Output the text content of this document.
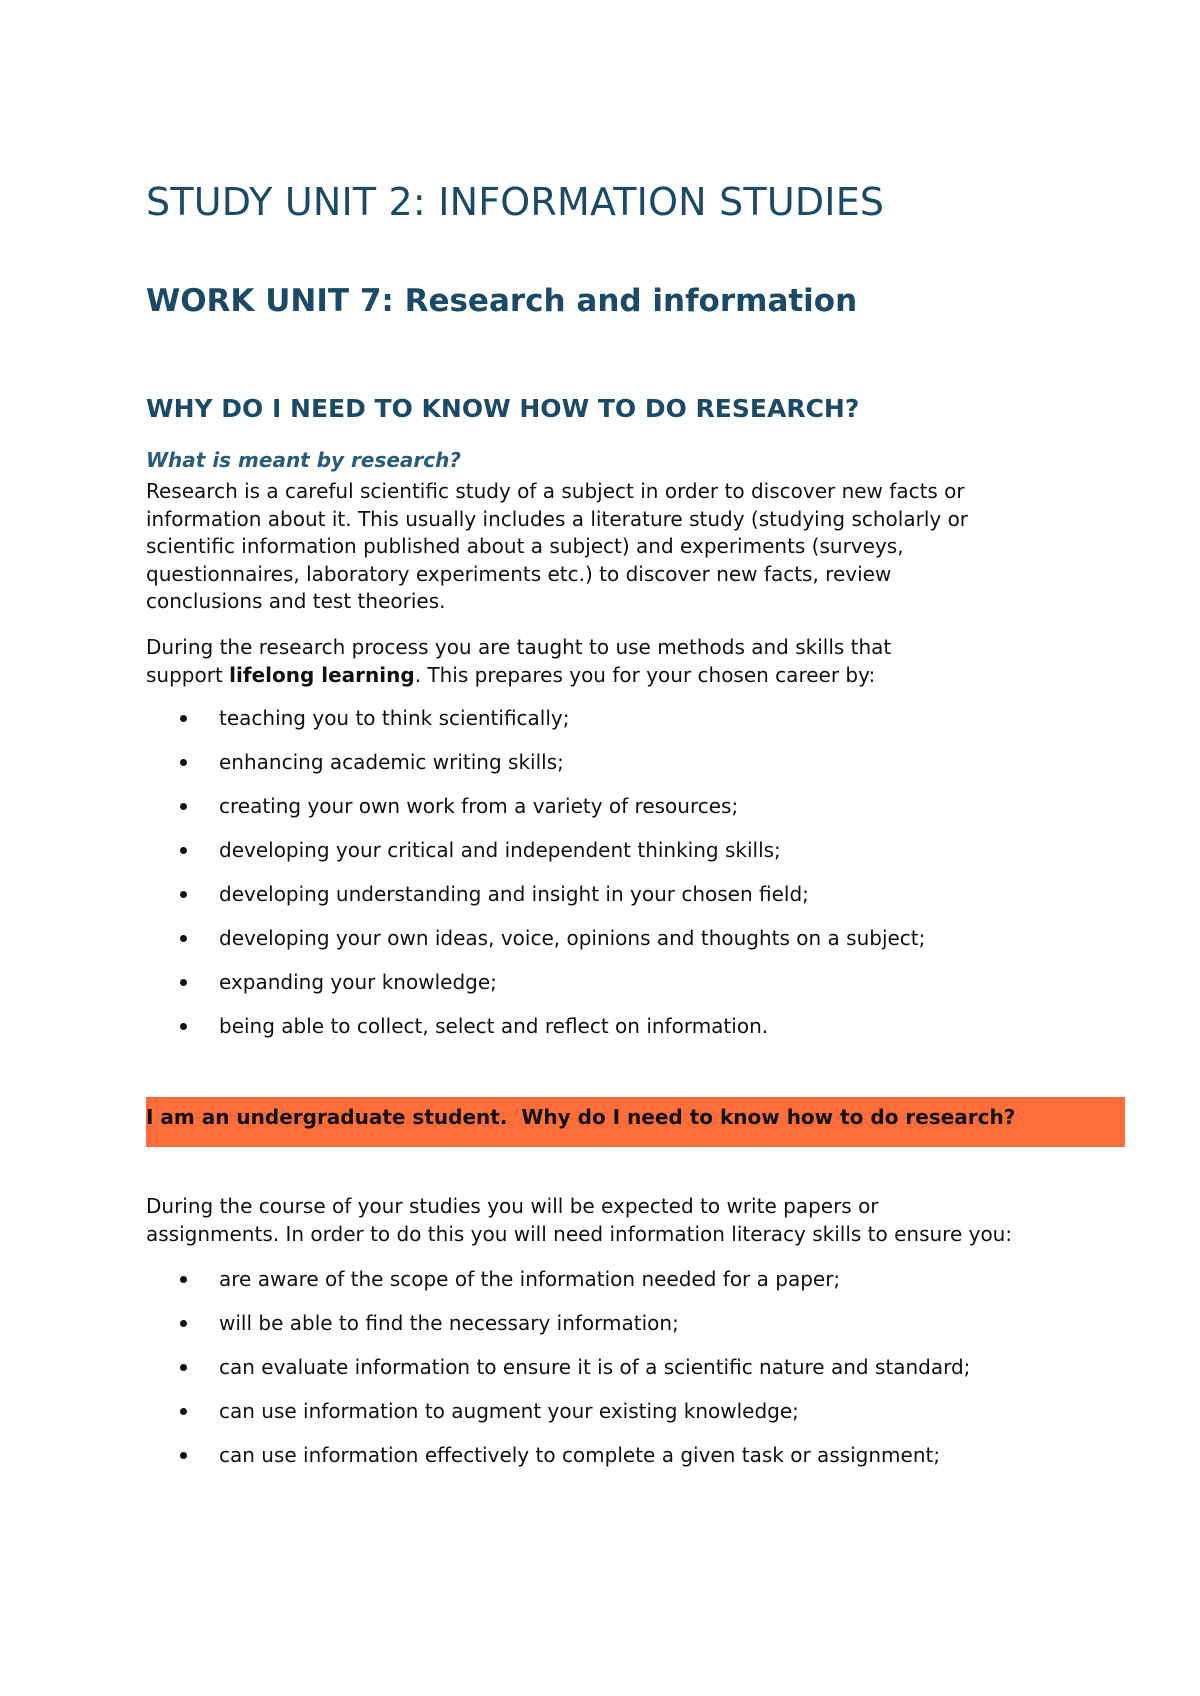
STUDY UNIT 2: INFORMATION STUDIES
WORK UNIT 7: Research and information
WHY DO I NEED TO KNOW HOW TO DO RESEARCH?
What is meant by research?

Research is a careful scientific study of a subject in order to discover new facts or
information about it. This usually includes a literature study (studying scholarly or
scientific information published about a subject) and experiments (surveys,
questionnaires, laboratory experiments etc.) to discover new facts, review
conclusions and test theories.

During the research process you are taught to use methods and skills that
support lifelong learning. This prepares you for your chosen career by:

teaching you to think scientifically;
enhancing academic writing skills;
creating your own work from a variety of resources;
developing your critical and independent thinking skills;
developing understanding and insight in your chosen field;
developing your own ideas, voice, opinions and thoughts on a subject;
expanding your knowledge;
being able to collect, select and reflect on information.

I am an undergraduate student.  Why do I need to know how to do research?

During the course of your studies you will be expected to write papers or
assignments. In order to do this you will need information literacy skills to ensure you:

are aware of the scope of the information needed for a paper;
will be able to find the necessary information;
can evaluate information to ensure it is of a scientific nature and standard;
can use information to augment your existing knowledge;
can use information effectively to complete a given task or assignment;
